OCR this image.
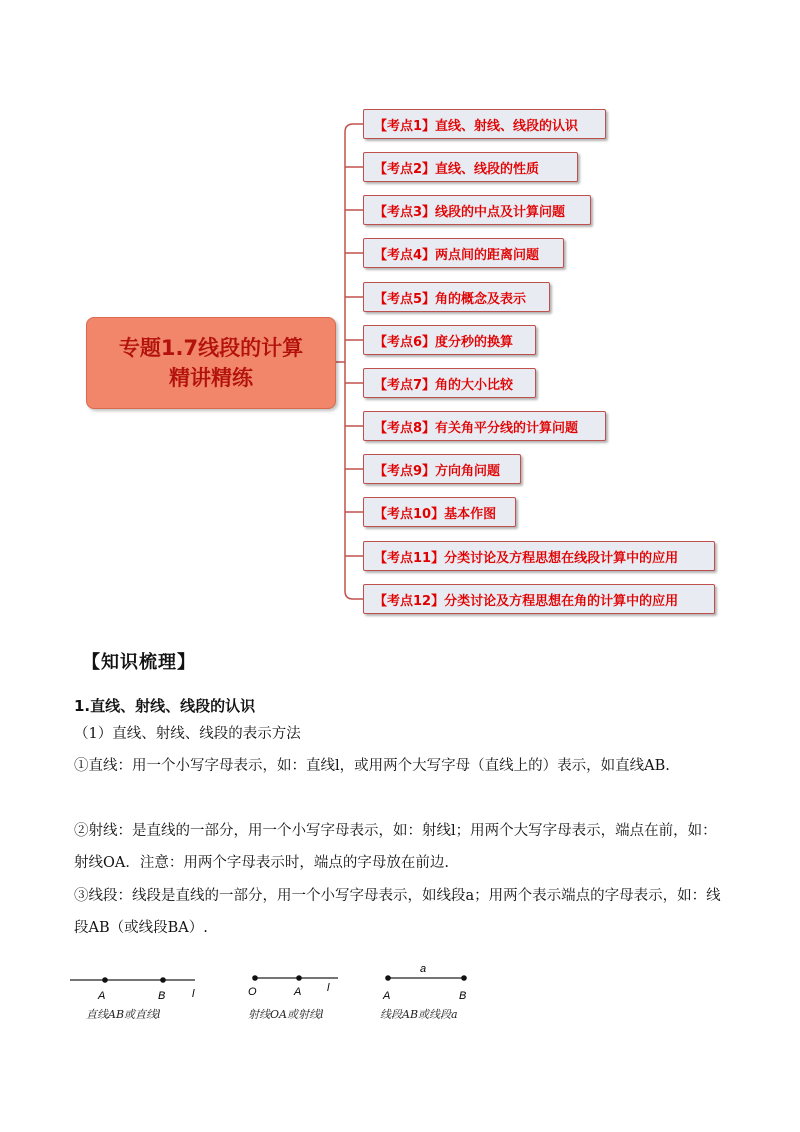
专题1.7线段的计算
精讲精练
【考点1】直线、射线、线段的认识
【考点2】直线、线段的性质
【考点3】线段的中点及计算问题
【考点4】两点间的距离问题
【考点5】角的概念及表示
【考点6】度分秒的换算
【考点7】角的大小比较
【考点8】有关角平分线的计算问题
【考点9】方向角问题
【考点10】基本作图
【考点11】分类讨论及方程思想在线段计算中的应用
【考点12】分类讨论及方程思想在角的计算中的应用
【知识梳理】
1.直线、射线、线段的认识
（1）直线、射线、线段的表示方法
①直线：用一个小写字母表示，如：直线l，或用两个大写字母（直线上的）表示，如直线AB.
②射线：是直线的一部分，用一个小写字母表示，如：射线l；用两个大写字母表示，端点在前，如：射线OA．注意：用两个字母表示时，端点的字母放在前边.
③线段：线段是直线的一部分，用一个小写字母表示，如线段a；用两个表示端点的字母表示，如：线段AB（或线段BA）.
A	B l
直线AB或直线l
O	A l
射线OA或射线l
a
A	B
线段AB或线段a
